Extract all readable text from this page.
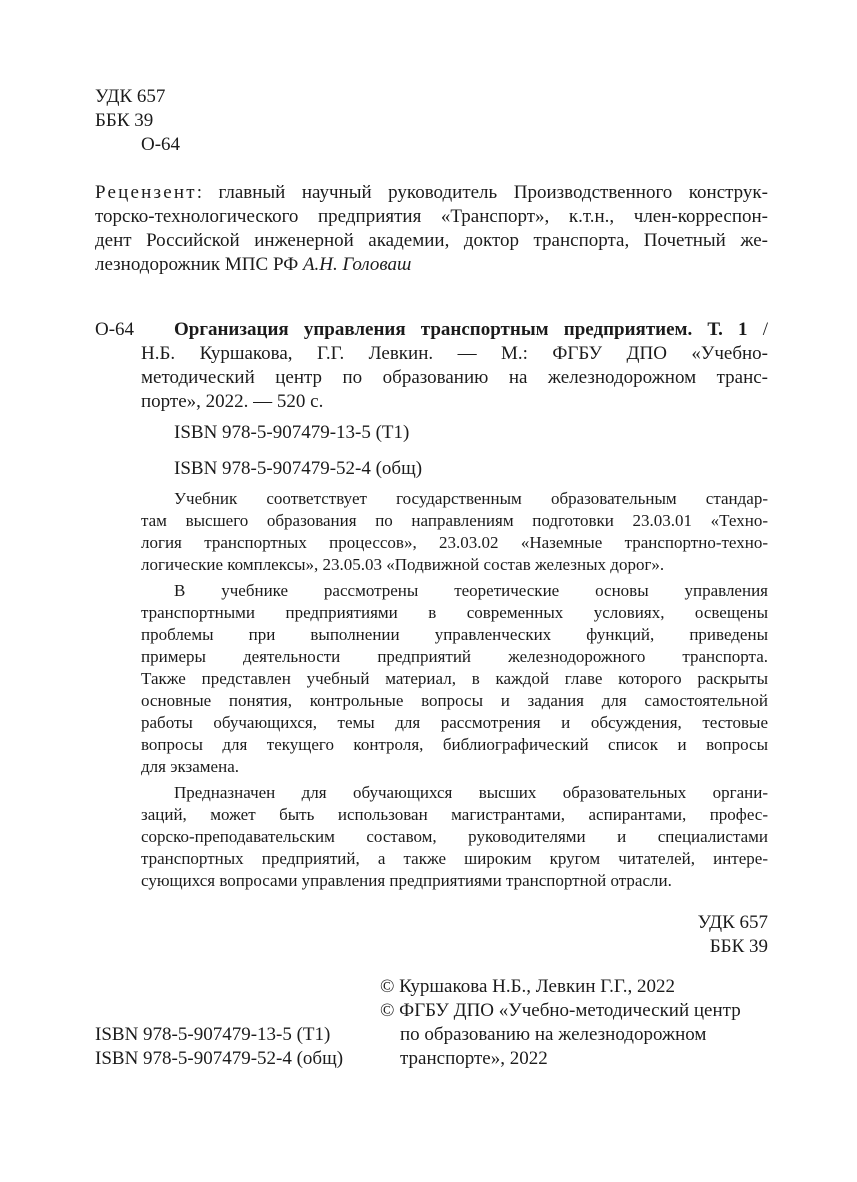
УДК 657
ББК 39
О-64
Рецензент: главный научный руководитель Производственного конструк-
торско-технологического предприятия «Транспорт», к.т.н., член-корреспон-
дент Российской инженерной академии, доктор транспорта, Почетный же-
лезнодорожник МПС РФ А.Н. Головаш
О-64 Организация управления транспортным предприятием. Т. 1 /
Н.Б. Куршакова, Г.Г. Левкин. — М.: ФГБУ ДПО «Учебно-
методический центр по образованию на железнодорожном транс-
порте», 2022. — 520 с.
ISBN 978-5-907479-13-5 (Т1)
ISBN 978-5-907479-52-4 (общ)
Учебник соответствует государственным образовательным стандар-
там высшего образования по направлениям подготовки 23.03.01 «Техно-
логия транспортных процессов», 23.03.02 «Наземные транспортно-техно-
логические комплексы», 23.05.03 «Подвижной состав железных дорог».
В учебнике рассмотрены теоретические основы управления
транспортными предприятиями в современных условиях, освещены
проблемы при выполнении управленческих функций, приведены
примеры деятельности предприятий железнодорожного транспорта.
Также представлен учебный материал, в каждой главе которого раскрыты
основные понятия, контрольные вопросы и задания для самостоятельной
работы обучающихся, темы для рассмотрения и обсуждения, тестовые
вопросы для текущего контроля, библиографический список и вопросы
для экзамена.
Предназначен для обучающихся высших образовательных органи-
заций, может быть использован магистрантами, аспирантами, профес-
сорско-преподавательским составом, руководителями и специалистами
транспортных предприятий, а также широким кругом читателей, интере-
сующихся вопросами управления предприятиями транспортной отрасли.
УДК 657
ББК 39
ISBN 978-5-907479-13-5 (Т1)
ISBN 978-5-907479-52-4 (общ)
© Куршакова Н.Б., Левкин Г.Г., 2022
© ФГБУ ДПО «Учебно-методический центр
по образованию на железнодорожном
транспорте», 2022
